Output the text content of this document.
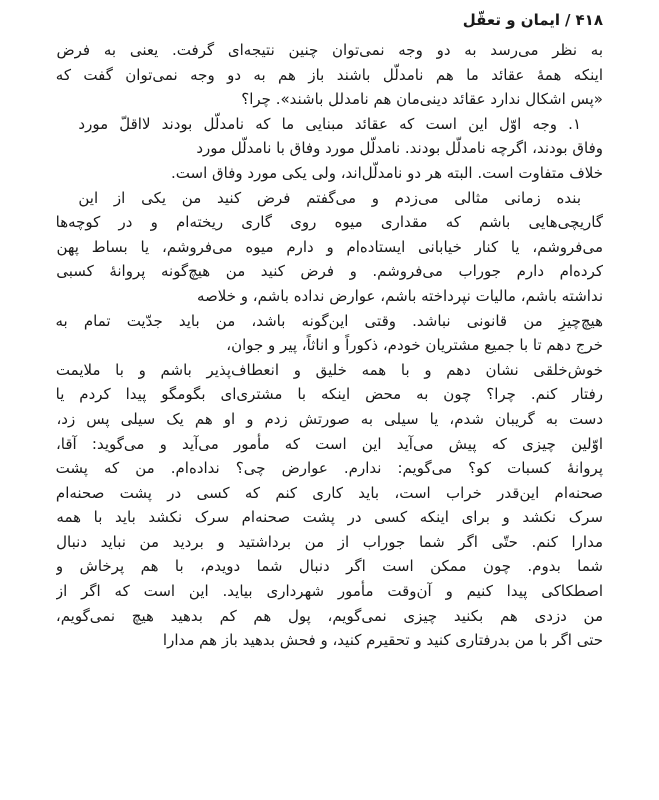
۴۱۸/ایمان و تعقّل
به نظر می‌رسد به دو وجه نمی‌توان چنین نتیجه‌ای گرفت. یعنی به فرض
اینکه همهٔ عقائد ما هم نامدلّل باشند باز هم به دو وجه نمی‌توان گفت که
«پس اشکال ندارد عقائد دینی‌مان هم نامدلل باشند». چرا؟
۱. وجه اوّل این است که عقائد مبنایی ما که نامدلّل بودند لااقلّ مورد
وفاق بودند، اگرچه نامدلّل بودند. نامدلّل مورد وفاق با نامدلّل مورد
خلاف متفاوت است. البته هر دو نامدلّل‌اند، ولی یکی مورد وفاق است.
بنده زمانی مثالی می‌زدم و می‌گفتم فرض کنید من یکی از این
گاریچی‌هایی باشم که مقداری میوه روی گاری ریخته‌ام و در کوچه‌ها
می‌فروشم، یا کنار خیابانی ایستاده‌ام و دارم میوه می‌فروشم، یا بساط پهن
کرده‌ام دارم جوراب می‌فروشم. و فرض کنید من هیچ‌گونه پروانهٔ کسبی
نداشته باشم، مالیات نپرداخته باشم، عوارض نداده باشم، و خلاصه
هیچ‌چیزِ من قانونی نباشد. وقتی این‌گونه باشد، من باید جدّیت تمام به
خرج دهم تا با جمیع مشتریان خودم، ذکوراً و اناثاً، پیر و جوان،
خوش‌خلقی نشان دهم و با همه خلیق و انعطاف‌پذیر باشم و با ملایمت
رفتار کنم. چرا؟ چون به محض اینکه با مشتری‌ای بگومگو پیدا کردم یا
دست به گریبان شدم، یا سیلی به صورتش زدم و او هم یک سیلی پس زد،
اوّلین چیزی که پیش می‌آید این است که مأمور می‌آید و می‌گوید: آقا،
پروانهٔ کسبات کو؟ می‌گویم: ندارم. عوارض چی؟ نداده‌ام. من که پشت
صحنه‌ام این‌قدر خراب است، باید کاری کنم که کسی در پشت صحنه‌ام
سرک نکشد و برای اینکه کسی در پشت صحنه‌ام سرک نکشد باید با همه
مدارا کنم. حتّی اگر شما جوراب از من برداشتید و بردید من نباید دنبال
شما بدوم. چون ممکن است اگر دنبال شما دویدم، با هم پرخاش و
اصطکاکی پیدا کنیم و آن‌وقت مأمور شهرداری بیاید. این است که اگر از
من دزدی هم بکنید چیزی نمی‌گویم، پول هم کم بدهید هیچ نمی‌گویم،
حتی اگر با من بدرفتاری کنید و تحقیرم کنید، و فحش بدهید باز هم مدارا
